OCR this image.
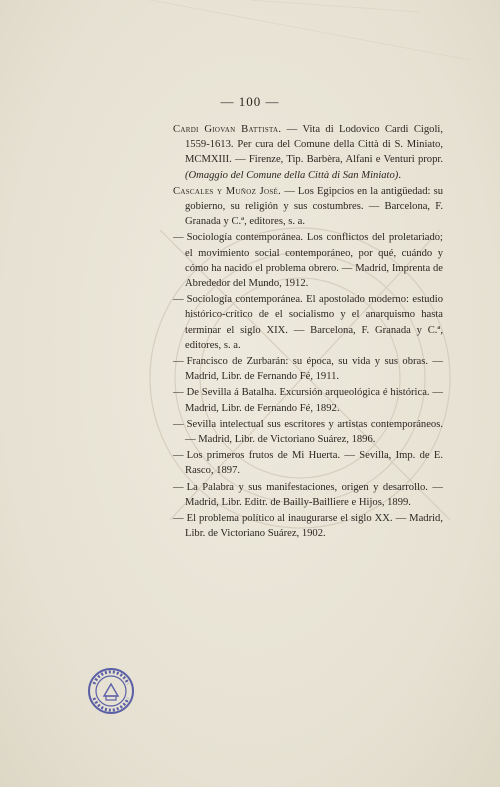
— 100 —

Cardi Giovan Battista. — Vita di Lodovico Cardi Cigoli, 1559-1613. Per cura del Comune della Città di S. Miniato, MCMXIII. — Firenze, Tip. Barbèra, Alfani e Venturi propr. (Omaggio del Comune della Città di San Miniato).

Cascales y Muñoz José. — Los Egipcios en la antigüedad: su gobierno, su religión y sus costumbres. — Barcelona, F. Granada y C.ª, editores, s. a.

— Sociología contemporánea. Los conflictos del proletariado; el movimiento social contemporáneo, por qué, cuándo y cómo ha nacido el problema obrero. — Madrid, Imprenta de Abrededor del Mundo, 1912.

— Sociología contemporánea. El apostolado moderno: estudio histórico-crítico de el socialismo y el anarquismo hasta terminar el siglo XIX. — Barcelona, F. Granada y C.ª, editores, s. a.

— Francisco de Zurbarán: su época, su vida y sus obras. — Madrid, Libr. de Fernando Fé, 1911.

— De Sevilla á Batalha. Excursión arqueológica é histórica. — Madrid, Libr. de Fernando Fé, 1892.

— Sevilla intelectual sus escritores y artistas contemporáneos. — Madrid, Libr. de Victoriano Suárez, 1896.

— Los primeros frutos de Mi Huerta. — Sevilla, Imp. de E. Rasco, 1897.

— La Palabra y sus manifestaciones, origen y desarrollo. — Madrid, Libr. Editr. de Bailly-Bailliere e Hijos, 1899.

— El problema político al inaugurarse el siglo XX. — Madrid, Libr. de Victoriano Suárez, 1902.
